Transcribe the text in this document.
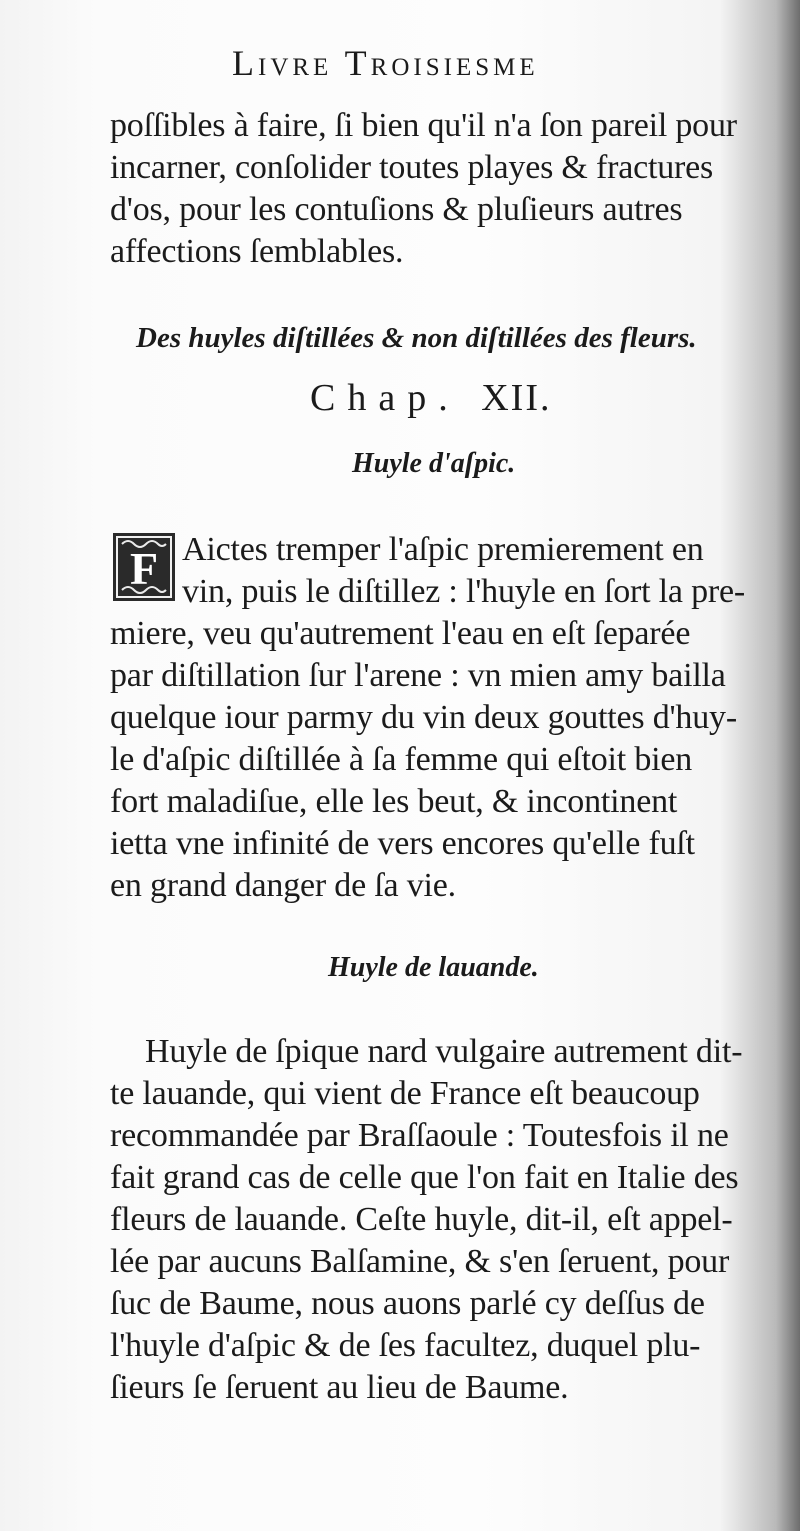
Livre Troisiesme
poſſibles à faire, ſi bien qu'il n'a ſon pareil pour
incarner, conſolider toutes playes & fractures
d'os, pour les contuſions & pluſieurs autres
affections ſemblables.
Des huyles diſtillées & non diſtillées des fleurs.
Chap. XII.
Huyle d'aſpic.
F Aictes tremper l'aſpic premierement en
vin, puis le diſtillez : l'huyle en ſort la pre-
miere, veu qu'autrement l'eau en eſt ſeparée
par diſtillation ſur l'arene : vn mien amy bailla
quelque iour parmy du vin deux gouttes d'huy-
le d'aſpic diſtillée à ſa femme qui eſtoit bien
fort maladiſue, elle les beut, & incontinent
ietta vne infinité de vers encores qu'elle fuſt
en grand danger de ſa vie.
Huyle de lauande.
Huyle de ſpique nard vulgaire autrement dit-
te lauande, qui vient de France eſt beaucoup
recommandée par Braſſaoule : Toutesfois il ne
fait grand cas de celle que l'on fait en Italie des
fleurs de lauande. Ceſte huyle, dit-il, eſt appel-
lée par aucuns Balſamine, & s'en ſeruent, pour
ſuc de Baume, nous auons parlé cy deſſus de
l'huyle d'aſpic & de ſes facultez, duquel plu-
ſieurs ſe ſeruent au lieu de Baume.
